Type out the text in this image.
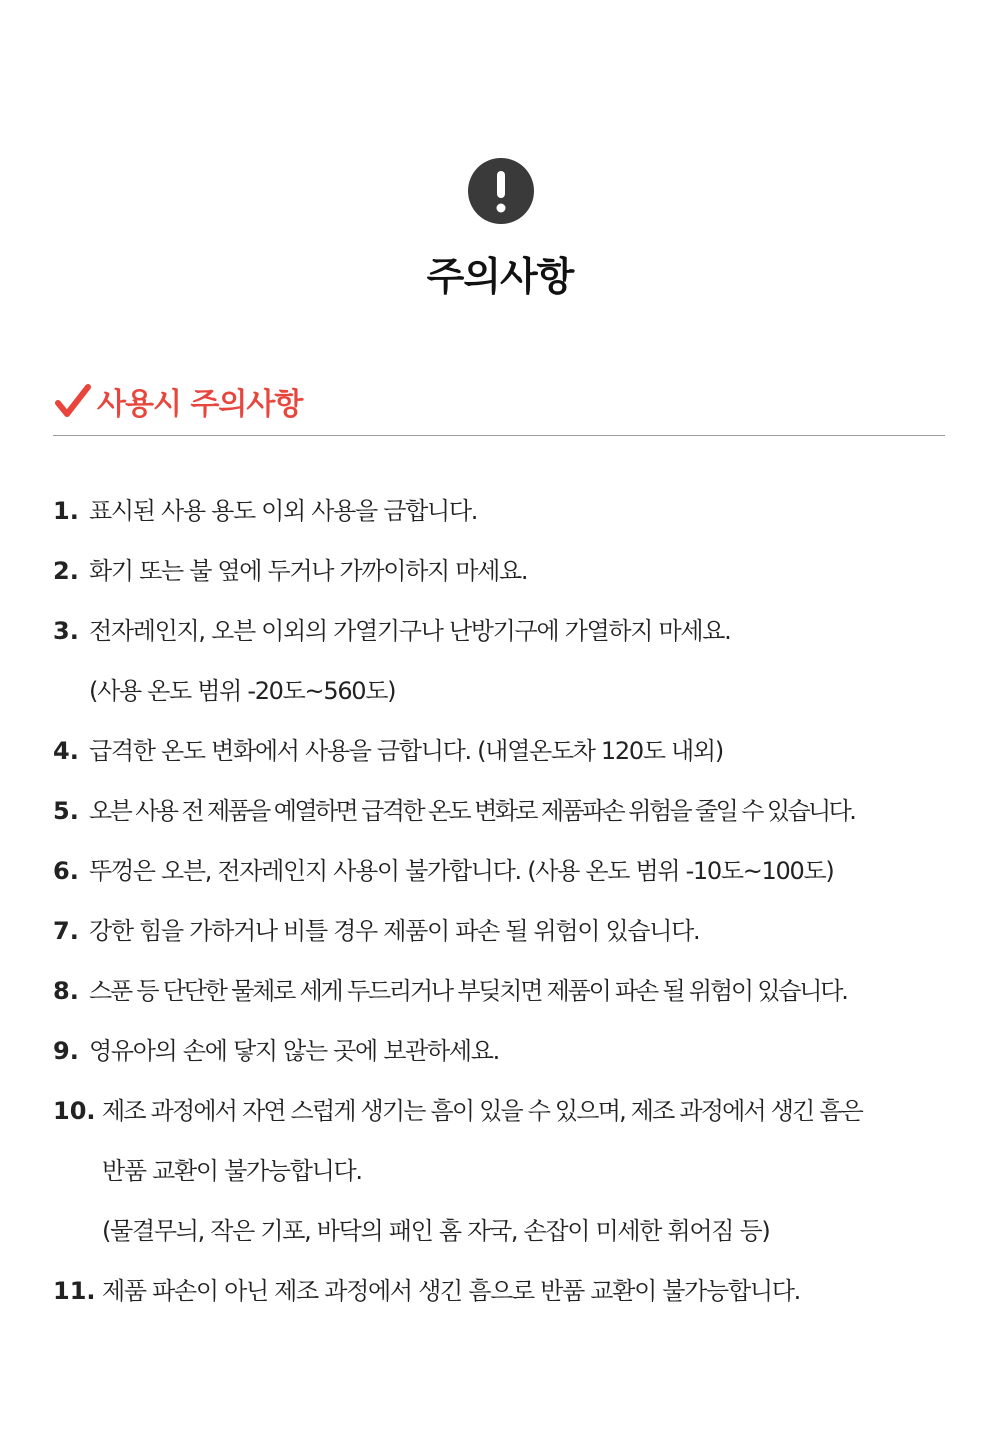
주의사항
사용시 주의사항
1. 표시된 사용 용도 이외 사용을 금합니다.
2. 화기 또는 불 옆에 두거나 가까이하지 마세요.
3. 전자레인지, 오븐 이외의 가열기구나 난방기구에 가열하지 마세요.
(사용 온도 범위 -20도~560도)
4. 급격한 온도 변화에서 사용을 금합니다. (내열온도차 120도 내외)
5. 오븐 사용 전 제품을 예열하면 급격한 온도 변화로 제품파손 위험을 줄일 수 있습니다.
6. 뚜껑은 오븐, 전자레인지 사용이 불가합니다. (사용 온도 범위 -10도~100도)
7. 강한 힘을 가하거나 비틀 경우 제품이 파손 될 위험이 있습니다.
8. 스푼 등 단단한 물체로 세게 두드리거나 부딪치면 제품이 파손 될 위험이 있습니다.
9. 영유아의 손에 닿지 않는 곳에 보관하세요.
10. 제조 과정에서 자연 스럽게 생기는 흠이 있을 수 있으며, 제조 과정에서 생긴 흠은
반품 교환이 불가능합니다.
(물결무늬, 작은 기포, 바닥의 패인 홈 자국, 손잡이 미세한 휘어짐 등)
11. 제품 파손이 아닌 제조 과정에서 생긴 흠으로 반품 교환이 불가능합니다.
